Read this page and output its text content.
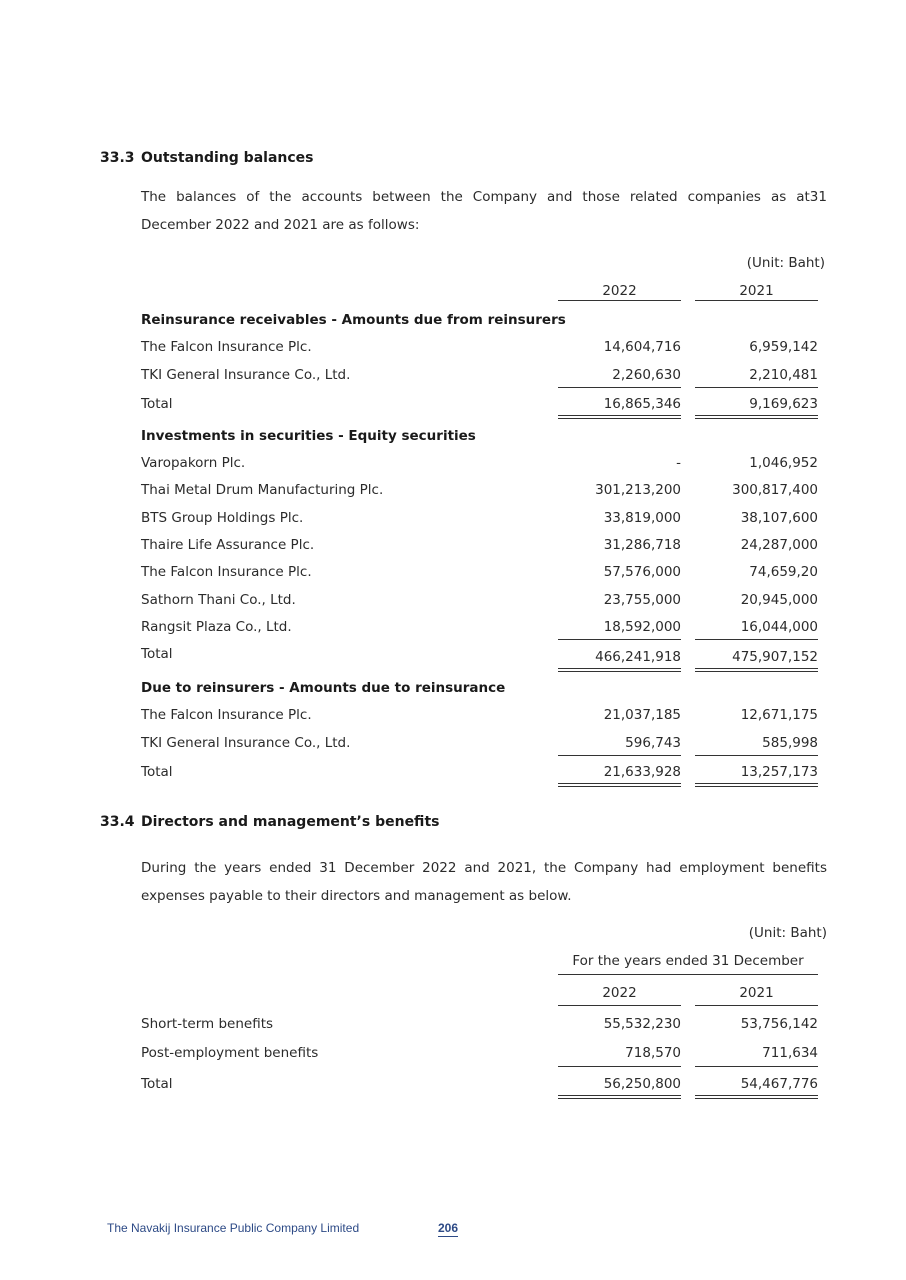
33.3 Outstanding balances
The balances of the accounts between the Company and those related companies as at31 December 2022 and 2021 are as follows:
(Unit: Baht)
2022	2021
Reinsurance receivables - Amounts due from reinsurers
The Falcon Insurance Plc.	14,604,716	6,959,142
TKI General Insurance Co., Ltd.	2,260,630	2,210,481
Total	16,865,346	9,169,623
Investments in securities - Equity securities
Varopakorn Plc.	-	1,046,952
Thai Metal Drum Manufacturing Plc.	301,213,200	300,817,400
BTS Group Holdings Plc.	33,819,000	38,107,600
Thaire Life Assurance Plc.	31,286,718	24,287,000
The Falcon Insurance Plc.	57,576,000	74,659,20
Sathorn Thani Co., Ltd.	23,755,000	20,945,000
Rangsit Plaza Co., Ltd.	18,592,000	16,044,000
Total	466,241,918	475,907,152
Due to reinsurers - Amounts due to reinsurance
The Falcon Insurance Plc.	21,037,185	12,671,175
TKI General Insurance Co., Ltd.	596,743	585,998
Total	21,633,928	13,257,173
33.4 Directors and management’s benefits
During the years ended 31 December 2022 and 2021, the Company had employment benefits expenses payable to their directors and management as below.
(Unit: Baht)
For the years ended 31 December
2022	2021
Short-term benefits	55,532,230	53,756,142
Post-employment benefits	718,570	711,634
Total	56,250,800	54,467,776
The Navakij Insurance Public Company Limited	206
